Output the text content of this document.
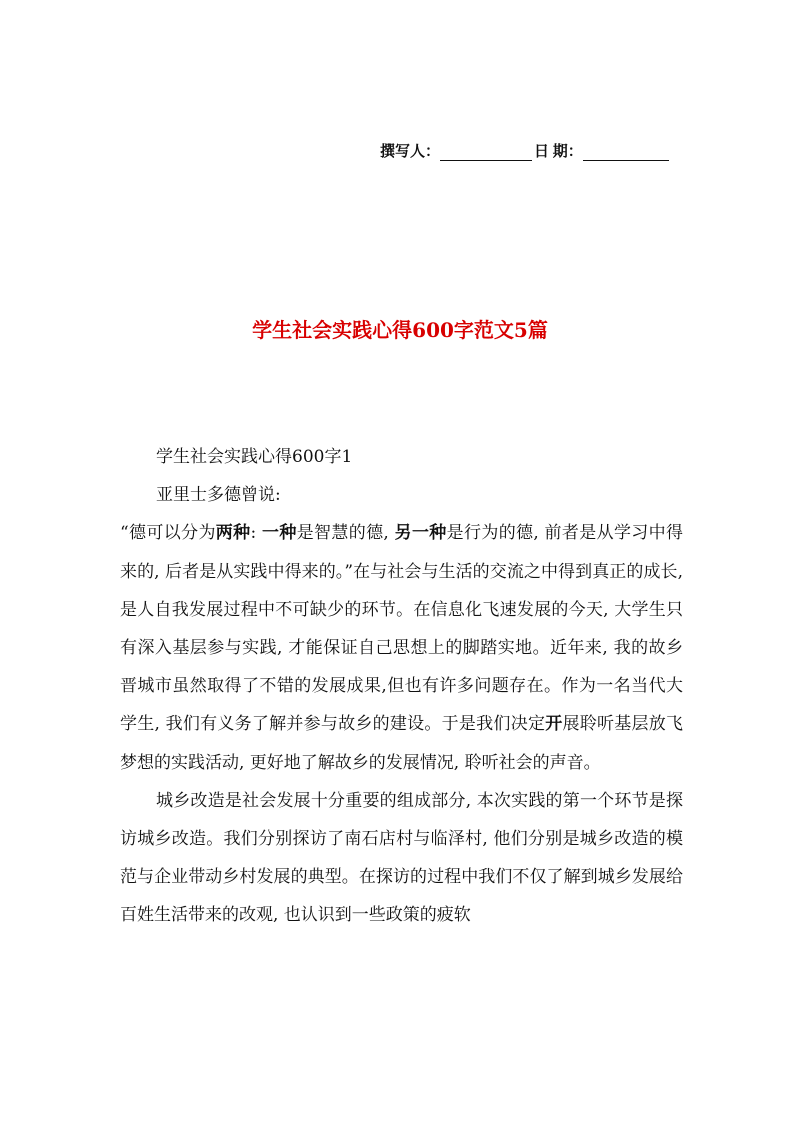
撰写人：	日 期：
学生社会实践心得600字范文5篇

学生社会实践心得600字1

亚里士多德曾说:

“德可以分为两种: 一种是智慧的德, 另一种是行为的德, 前者是从学习中得来的, 后者是从实践中得来的。”在与社会与生活的交流之中得到真正的成长, 是人自我发展过程中不可缺少的环节。在信息化飞速发展的今天, 大学生只有深入基层参与实践, 才能保证自己思想上的脚踏实地。近年来, 我的故乡晋城市虽然取得了不错的发展成果,但也有许多问题存在。作为一名当代大学生, 我们有义务了解并参与故乡的建设。于是我们决定开展聆听基层放飞梦想的实践活动, 更好地了解故乡的发展情况, 聆听社会的声音。

城乡改造是社会发展十分重要的组成部分, 本次实践的第一个环节是探访城乡改造。我们分别探访了南石店村与临泽村, 他们分别是城乡改造的模范与企业带动乡村发展的典型。在探访的过程中我们不仅了解到城乡发展给百姓生活带来的改观, 也认识到一些政策的疲软
